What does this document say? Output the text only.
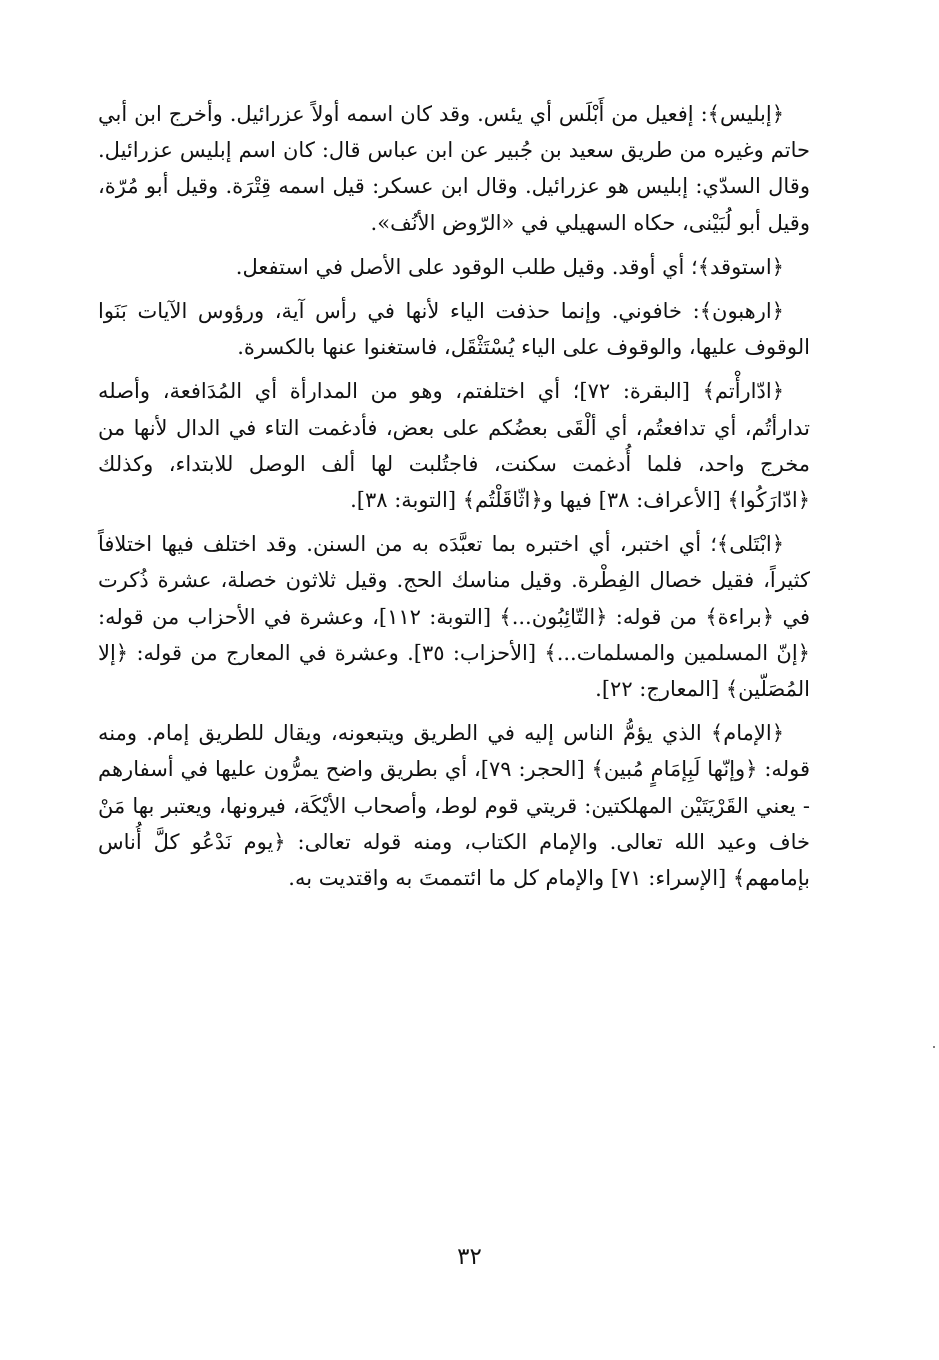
﴿إبليس﴾: إفعيل من أَبْلَس أي يئس. وقد كان اسمه أولاً عزرائيل. وأخرج ابن أبي حاتم وغيره من طريق سعيد بن جُبير عن ابن عباس قال: كان اسم إبليس عزرائيل. وقال السدّي: إبليس هو عزرائيل. وقال ابن عسكر: قيل اسمه قِتْرَة. وقيل أبو مُرّة، وقيل أبو لُبَيْنى، حكاه السهيلي في «الرّوض الأنُف».

﴿استوقد﴾؛ أي أوقد. وقيل طلب الوقود على الأصل في استفعل.

﴿ارهبون﴾: خافوني. وإنما حذفت الياء لأنها في رأس آية، ورؤوس الآيات بَنَوا الوقوف عليها، والوقوف على الياء يُسْتَثْقَل، فاستغنوا عنها بالكسرة.

﴿ادّارأْتم﴾ [البقرة: ٧٢]؛ أي اختلفتم، وهو من المدارأة أي المُدَافعة، وأصله تدارأتُم، أي تدافعتُم، أي ألْقَى بعضُكم على بعض، فأدغمت التاء في الدال لأنها من مخرج واحد، فلما أُدغمت سكنت، فاجتُلبت لها ألف الوصل للابتداء، وكذلك ﴿ادّارَكُوا﴾ [الأعراف: ٣٨] فيها و﴿اثّاقَلْتُم﴾ [التوبة: ٣٨].

﴿ابْتَلى﴾؛ أي اختبر، أي اختبره بما تعبَّدَه به من السنن. وقد اختلف فيها اختلافاً كثيراً، فقيل خصال الفِطْرة. وقيل مناسك الحج. وقيل ثلاثون خصلة، عشرة ذُكرت في ﴿براءة﴾ من قوله: ﴿التّائِبُون...﴾ [التوبة: ١١٢]، وعشرة في الأحزاب من قوله: ﴿إنّ المسلمين والمسلمات...﴾ [الأحزاب: ٣٥]. وعشرة في المعارج من قوله: ﴿إلا المُصَلّين﴾ [المعارج: ٢٢].

﴿الإمام﴾ الذي يؤمُّ الناس إليه في الطريق ويتبعونه، ويقال للطريق إمام. ومنه قوله: ﴿وإنّها لَبِإمَامٍ مُبين﴾ [الحجر: ٧٩]، أي بطريق واضح يمرُّون عليها في أسفارهم - يعني القَرْيَتَيْن المهلكتين: قريتي قوم لوط، وأصحاب الأيْكَة، فيرونها، ويعتبر بها مَنْ خاف وعيد الله تعالى. والإمام الكتاب، ومنه قوله تعالى: ﴿يوم نَدْعُو كلَّ أُناس بإمامهم﴾ [الإسراء: ٧١] والإمام كل ما ائتممتَ به واقتديت به.

٣٢
